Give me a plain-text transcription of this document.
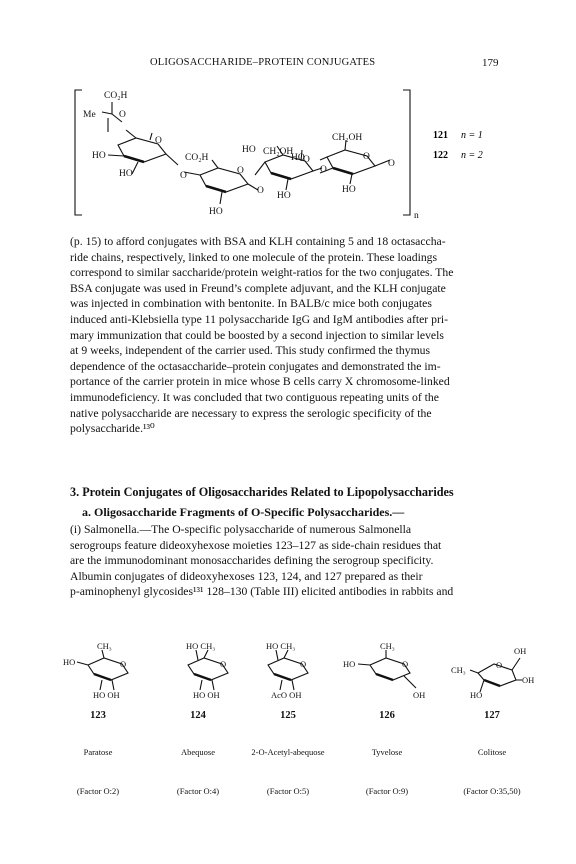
OLIGOSACCHARIDE–PROTEIN CONJUGATES	179
CO₂H
Me O
O
HO
HO	O
CO₂H
O
O
HO
HO CH₂OH
O
HO
CH₂OH
O
O
O
HO
HO
n
121 n = 1
122 n = 2
(p. 15) to afford conjugates with BSA and KLH containing 5 and 18 octasaccha-
ride chains, respectively, linked to one molecule of the protein. These loadings
correspond to similar saccharide/protein weight-ratios for the two conjugates. The
BSA conjugate was used in Freund’s complete adjuvant, and the KLH conjugate
was injected in combination with bentonite. In BALB/c mice both conjugates
induced anti-Klebsiella type 11 polysaccharide IgG and IgM antibodies after pri-
mary immunization that could be boosted by a second injection to similar levels
at 9 weeks, independent of the carrier used. This study confirmed the thymus
dependence of the octasaccharide–protein conjugates and demonstrated the im-
portance of the carrier protein in mice whose B cells carry X chromosome-linked
immunodeficiency. It was concluded that two contiguous repeating units of the
native polysaccharide are necessary to express the serologic specificity of the
polysaccharide.¹³⁰
3. Protein Conjugates of Oligosaccharides Related to Lipopolysaccharides
a. Oligosaccharide Fragments of O-Specific Polysaccharides.—
(i) Salmonella.—The O-specific polysaccharide of numerous Salmonella
serogroups feature dideoxyhexose moieties 123–127 as side-chain residues that
are the immunodominant monosaccharides defining the serogroup specificity.
Albumin conjugates of dideoxyhexoses 123, 124, and 127 prepared as their
p-aminophenyl glycosides¹³¹ 128–130 (Table III) elicited antibodies in rabbits and
CH₃
HO	O
HO OH
HO CH₃
O
HO OH
HO CH₃
O
AcO OH
CH₃
HO	O
OH
OH
CH₃	O
OH
HO
123
Paratose
(Factor O:2)
124
Abequose
(Factor O:4)
125
2-O-Acetyl-abequose
(Factor O:5)
126
Tyvelose
(Factor O:9)
127
Colitose
(Factor O:35,50)
